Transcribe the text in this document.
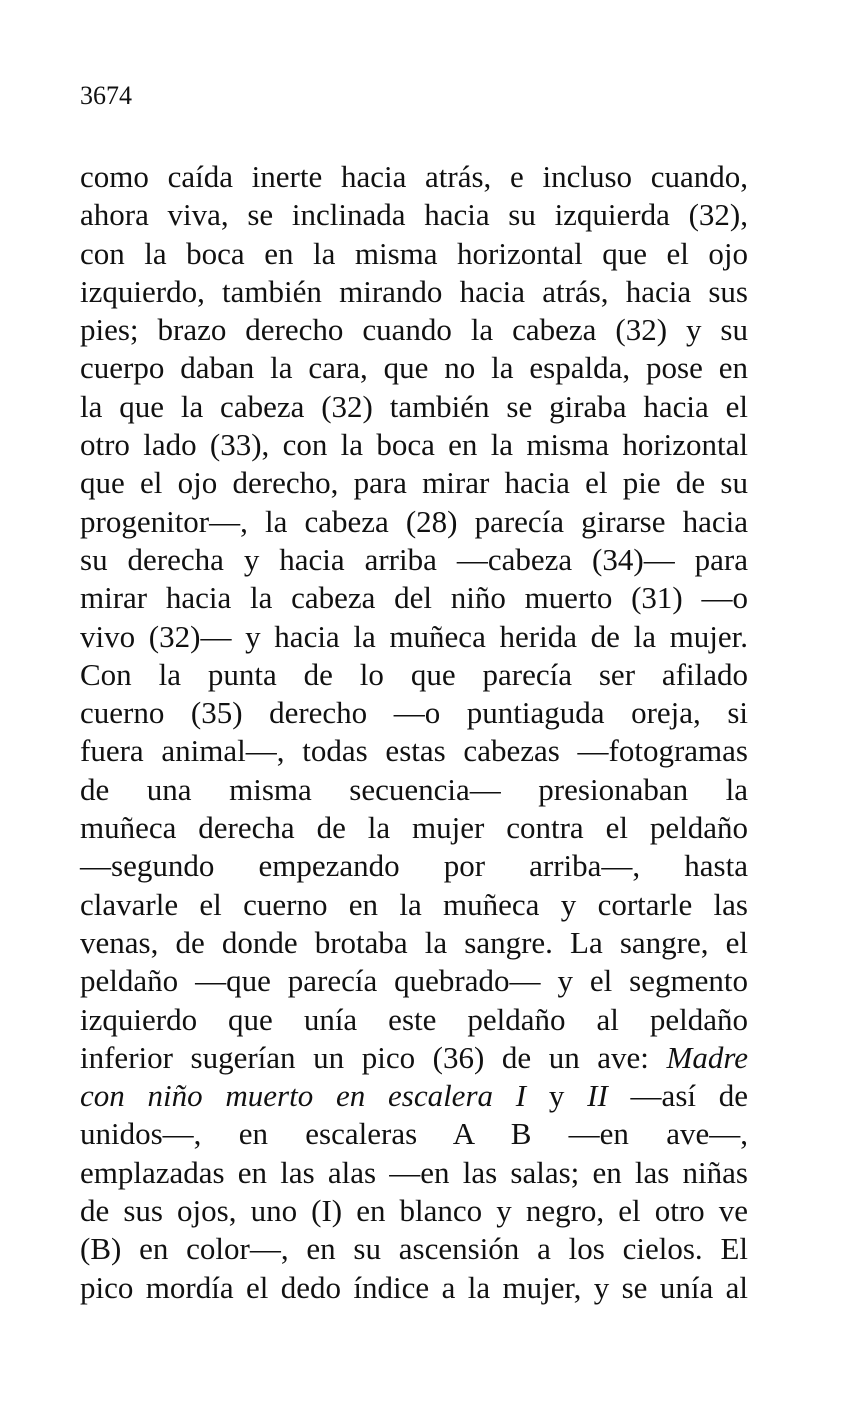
3674
como caída inerte hacia atrás, e incluso cuando,
ahora viva, se inclinada hacia su izquierda (32),
con la boca en la misma horizontal que el ojo
izquierdo, también mirando hacia atrás, hacia sus
pies; brazo derecho cuando la cabeza (32) y su
cuerpo daban la cara, que no la espalda, pose en
la que la cabeza (32) también se giraba hacia el
otro lado (33), con la boca en la misma horizontal
que el ojo derecho, para mirar hacia el pie de su
progenitor—, la cabeza (28) parecía girarse hacia
su derecha y hacia arriba —cabeza (34)— para
mirar hacia la cabeza del niño muerto (31) —o
vivo (32)— y hacia la muñeca herida de la mujer.
Con la punta de lo que parecía ser afilado
cuerno (35) derecho —o puntiaguda oreja, si
fuera animal—, todas estas cabezas —fotogramas
de una misma secuencia— presionaban la
muñeca derecha de la mujer contra el peldaño
—segundo empezando por arriba—, hasta
clavarle el cuerno en la muñeca y cortarle las
venas, de donde brotaba la sangre. La sangre, el
peldaño —que parecía quebrado— y el segmento
izquierdo que unía este peldaño al peldaño
inferior sugerían un pico (36) de un ave: Madre
con niño muerto en escalera I y II —así de
unidos—, en escaleras A B —en ave—,
emplazadas en las alas —en las salas; en las niñas
de sus ojos, uno (I) en blanco y negro, el otro ve
(B) en color—, en su ascensión a los cielos. El
pico mordía el dedo índice a la mujer, y se unía al
